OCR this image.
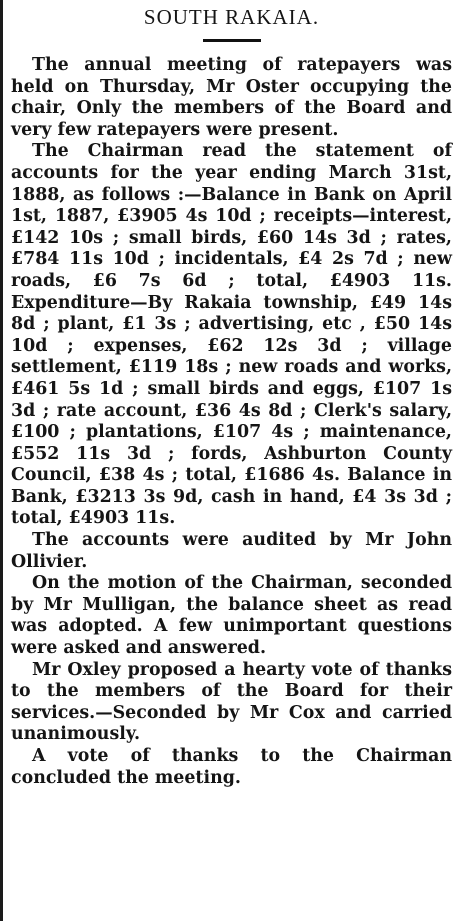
SOUTH RAKAIA.

The annual meeting of ratepayers was held on Thursday, Mr Oster occupying the chair, Only the members of the Board and very few ratepayers were present.

The Chairman read the statement of accounts for the year ending March 31st, 1888, as follows :—Balance in Bank on April 1st, 1887, £3905 4s 10d ; receipts—interest, £142 10s ; small birds, £60 14s 3d ; rates, £784 11s 10d ; incidentals, £4 2s 7d ; new roads, £6 7s 6d ; total, £4903 11s. Expenditure—By Rakaia township, £49 14s 8d ; plant, £1 3s ; advertising, etc , £50 14s 10d ; expenses, £62 12s 3d ; village settlement, £119 18s ; new roads and works, £461 5s 1d ; small birds and eggs, £107 1s 3d ; rate account, £36 4s 8d ; Clerk's salary, £100 ; plantations, £107 4s ; maintenance, £552 11s 3d ; fords, Ashburton County Council, £38 4s ; total, £1686 4s. Balance in Bank, £3213 3s 9d, cash in hand, £4 3s 3d ; total, £4903 11s.

The accounts were audited by Mr John Ollivier.

On the motion of the Chairman, seconded by Mr Mulligan, the balance sheet as read was adopted. A few unimportant questions were asked and answered.

Mr Oxley proposed a hearty vote of thanks to the members of the Board for their services.—Seconded by Mr Cox and carried unanimously.

A vote of thanks to the Chairman concluded the meeting.
